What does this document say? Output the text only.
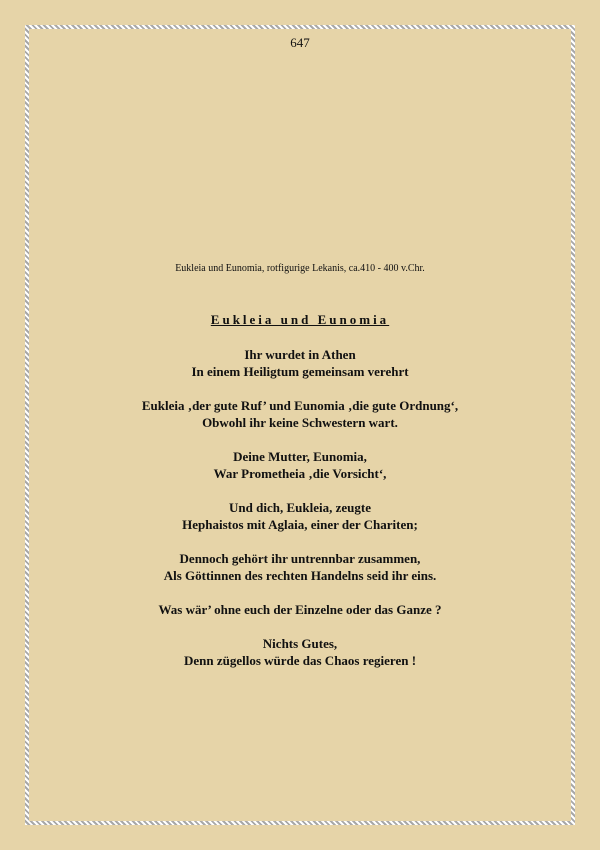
647
Eukleia und Eunomia, rotfigurige Lekanis, ca.410 - 400 v.Chr.
Eukleia und Eunomia
Ihr wurdet in Athen
In einem Heiligtum gemeinsam verehrt
Eukleia ‚der gute Ruf’ und Eunomia ‚die gute Ordnung‘,
Obwohl ihr keine Schwestern wart.
Deine Mutter, Eunomia,
War Prometheia ‚die Vorsicht‘,
Und dich, Eukleia, zeugte
Hephaistos mit Aglaia, einer der Chariten;
Dennoch gehört ihr untrennbar zusammen,
Als Göttinnen des rechten Handelns seid ihr eins.
Was wär’ ohne euch der Einzelne oder das Ganze ?
Nichts Gutes,
Denn zügellos würde das Chaos regieren !
